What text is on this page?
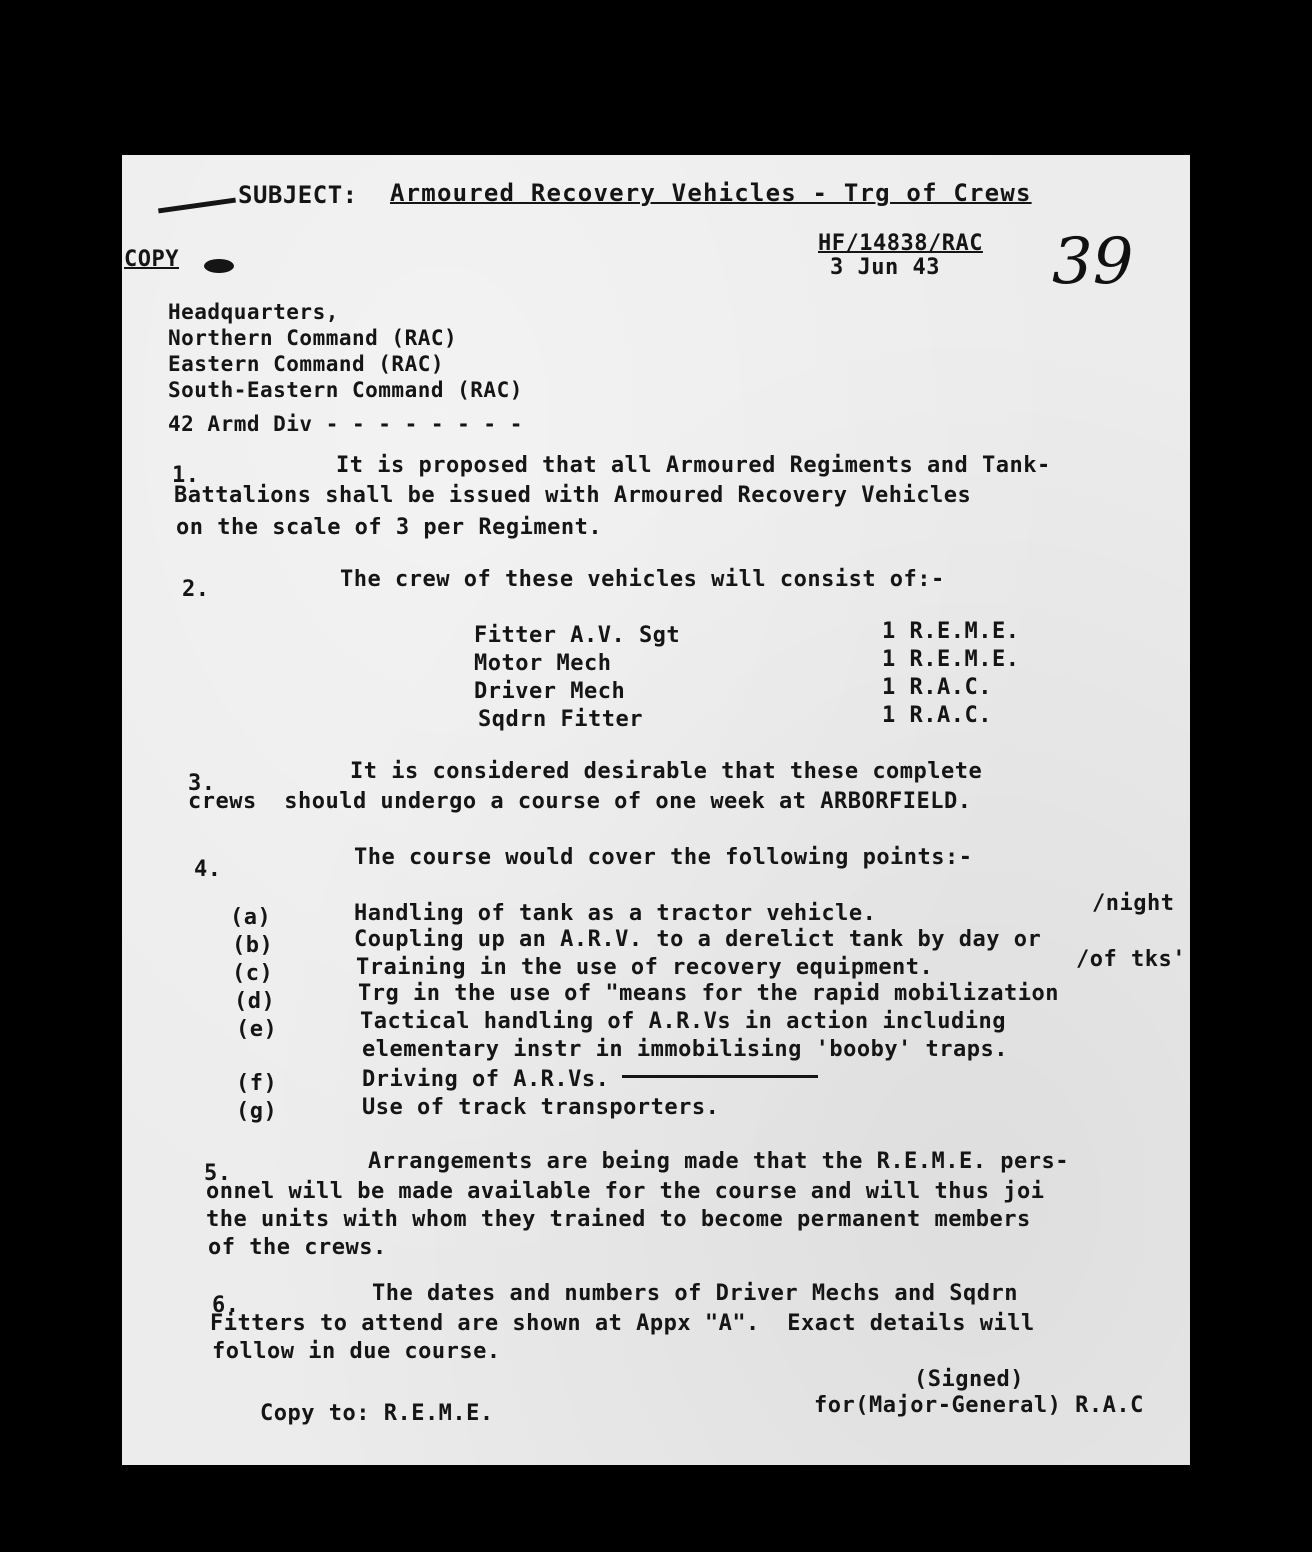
SUBJECT: Armoured Recovery Vehicles - Trg of Crews
COPY
HF/14838/RAC
3 Jun 43 39
Headquarters,
Northern Command (RAC)
Eastern Command (RAC)
South-Eastern Command (RAC)
42 Armd Div - - - - - - - -
1.	It is proposed that all Armoured Regiments and Tank-
Battalions shall be issued with Armoured Recovery Vehicles
on the scale of 3 per Regiment.
2.	The crew of these vehicles will consist of:-
Fitter A.V. Sgt	1 R.E.M.E.
Motor Mech	1 R.E.M.E.
Driver Mech	1 R.A.C.
Sqdrn Fitter	1 R.A.C.
3.	It is considered desirable that these complete
crews  should undergo a course of one week at ARBORFIELD.
4.	The course would cover the following points:-
(a)	Handling of tank as a tractor vehicle.	/night
(b)	Coupling up an A.R.V. to a derelict tank by day or
(c)	Training in the use of recovery equipment.	/of tks'
(d)	Trg in the use of "means for the rapid mobilization
(e)	Tactical handling of A.R.Vs in action including
elementary instr in immobilising 'booby' traps.
(f)	Driving of A.R.Vs.
(g)	Use of track transporters.
5.	Arrangements are being made that the R.E.M.E. pers-
onnel will be made available for the course and will thus joi
the units with whom they trained to become permanent members
of the crews.
6.	The dates and numbers of Driver Mechs and Sqdrn
Fitters to attend are shown at Appx "A".  Exact details will
follow in due course.
(Signed)
for(Major-General) R.A.C
Copy to: R.E.M.E.
